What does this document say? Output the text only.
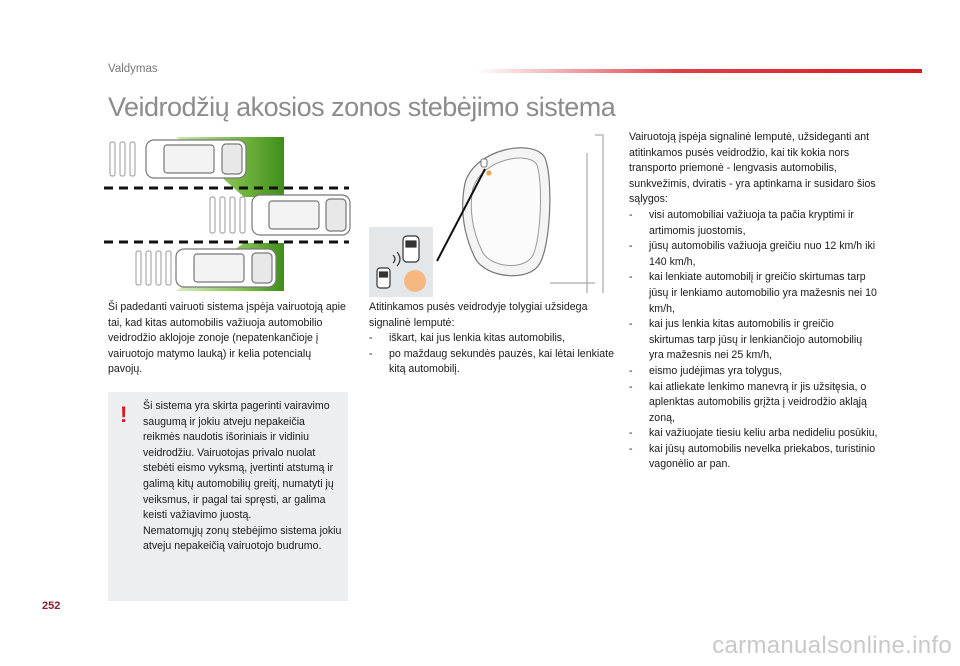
Valdymas
Veidrodžių akosios zonos stebėjimo sistema
Ši padedanti vairuoti sistema įspėja vairuotoją apie tai, kad kitas automobilis važiuoja automobilio veidrodžio aklojoje zonoje (nepatenkančioje į vairuotojo matymo lauką) ir kelia potencialų pavojų.
Atitinkamos pusės veidrodyje tolygiai užsidega signalinė lemputė:
- iškart, kai jus lenkia kitas automobilis,
- po maždaug sekundės pauzės, kai lėtai lenkiate kitą automobilį.
Vairuotoją įspėja signalinė lemputė, užsideganti ant atitinkamos pusės veidrodžio, kai tik kokia nors transporto priemonė - lengvasis automobilis, sunkvežimis, dviratis - yra aptinkama ir susidaro šios sąlygos:
- visi automobiliai važiuoja ta pačia kryptimi ir artimomis juostomis,
- jūsų automobilis važiuoja greičiu nuo 12 km/h iki 140 km/h,
- kai lenkiate automobilį ir greičio skirtumas tarp jūsų ir lenkiamo automobilio yra mažesnis nei 10 km/h,
- kai jus lenkia kitas automobilis ir greičio skirtumas tarp jūsų ir lenkiančiojo automobilių yra mažesnis nei 25 km/h,
- eismo judėjimas yra tolygus,
- kai atliekate lenkimo manevrą ir jis užsitęsia, o aplenktas automobilis grįžta į veidrodžio akląją zoną,
- kai važiuojate tiesiu keliu arba nedideliu posūkiu,
- kai jūsų automobilis nevelka priekabos, turistinio vagonėlio ar pan.
! Ši sistema yra skirta pagerinti vairavimo saugumą ir jokiu atveju nepakeičia reikmės naudotis išoriniais ir vidiniu veidrodžiu. Vairuotojas privalo nuolat stebėti eismo vyksmą, įvertinti atstumą ir galimą kitų automobilių greitį, numatyti jų veiksmus, ir pagal tai spręsti, ar galima keisti važiavimo juostą.
Nematomųjų zonų stebėjimo sistema jokiu atveju nepakeičią vairuotojo budrumo.
252
carmanualsonline.info
